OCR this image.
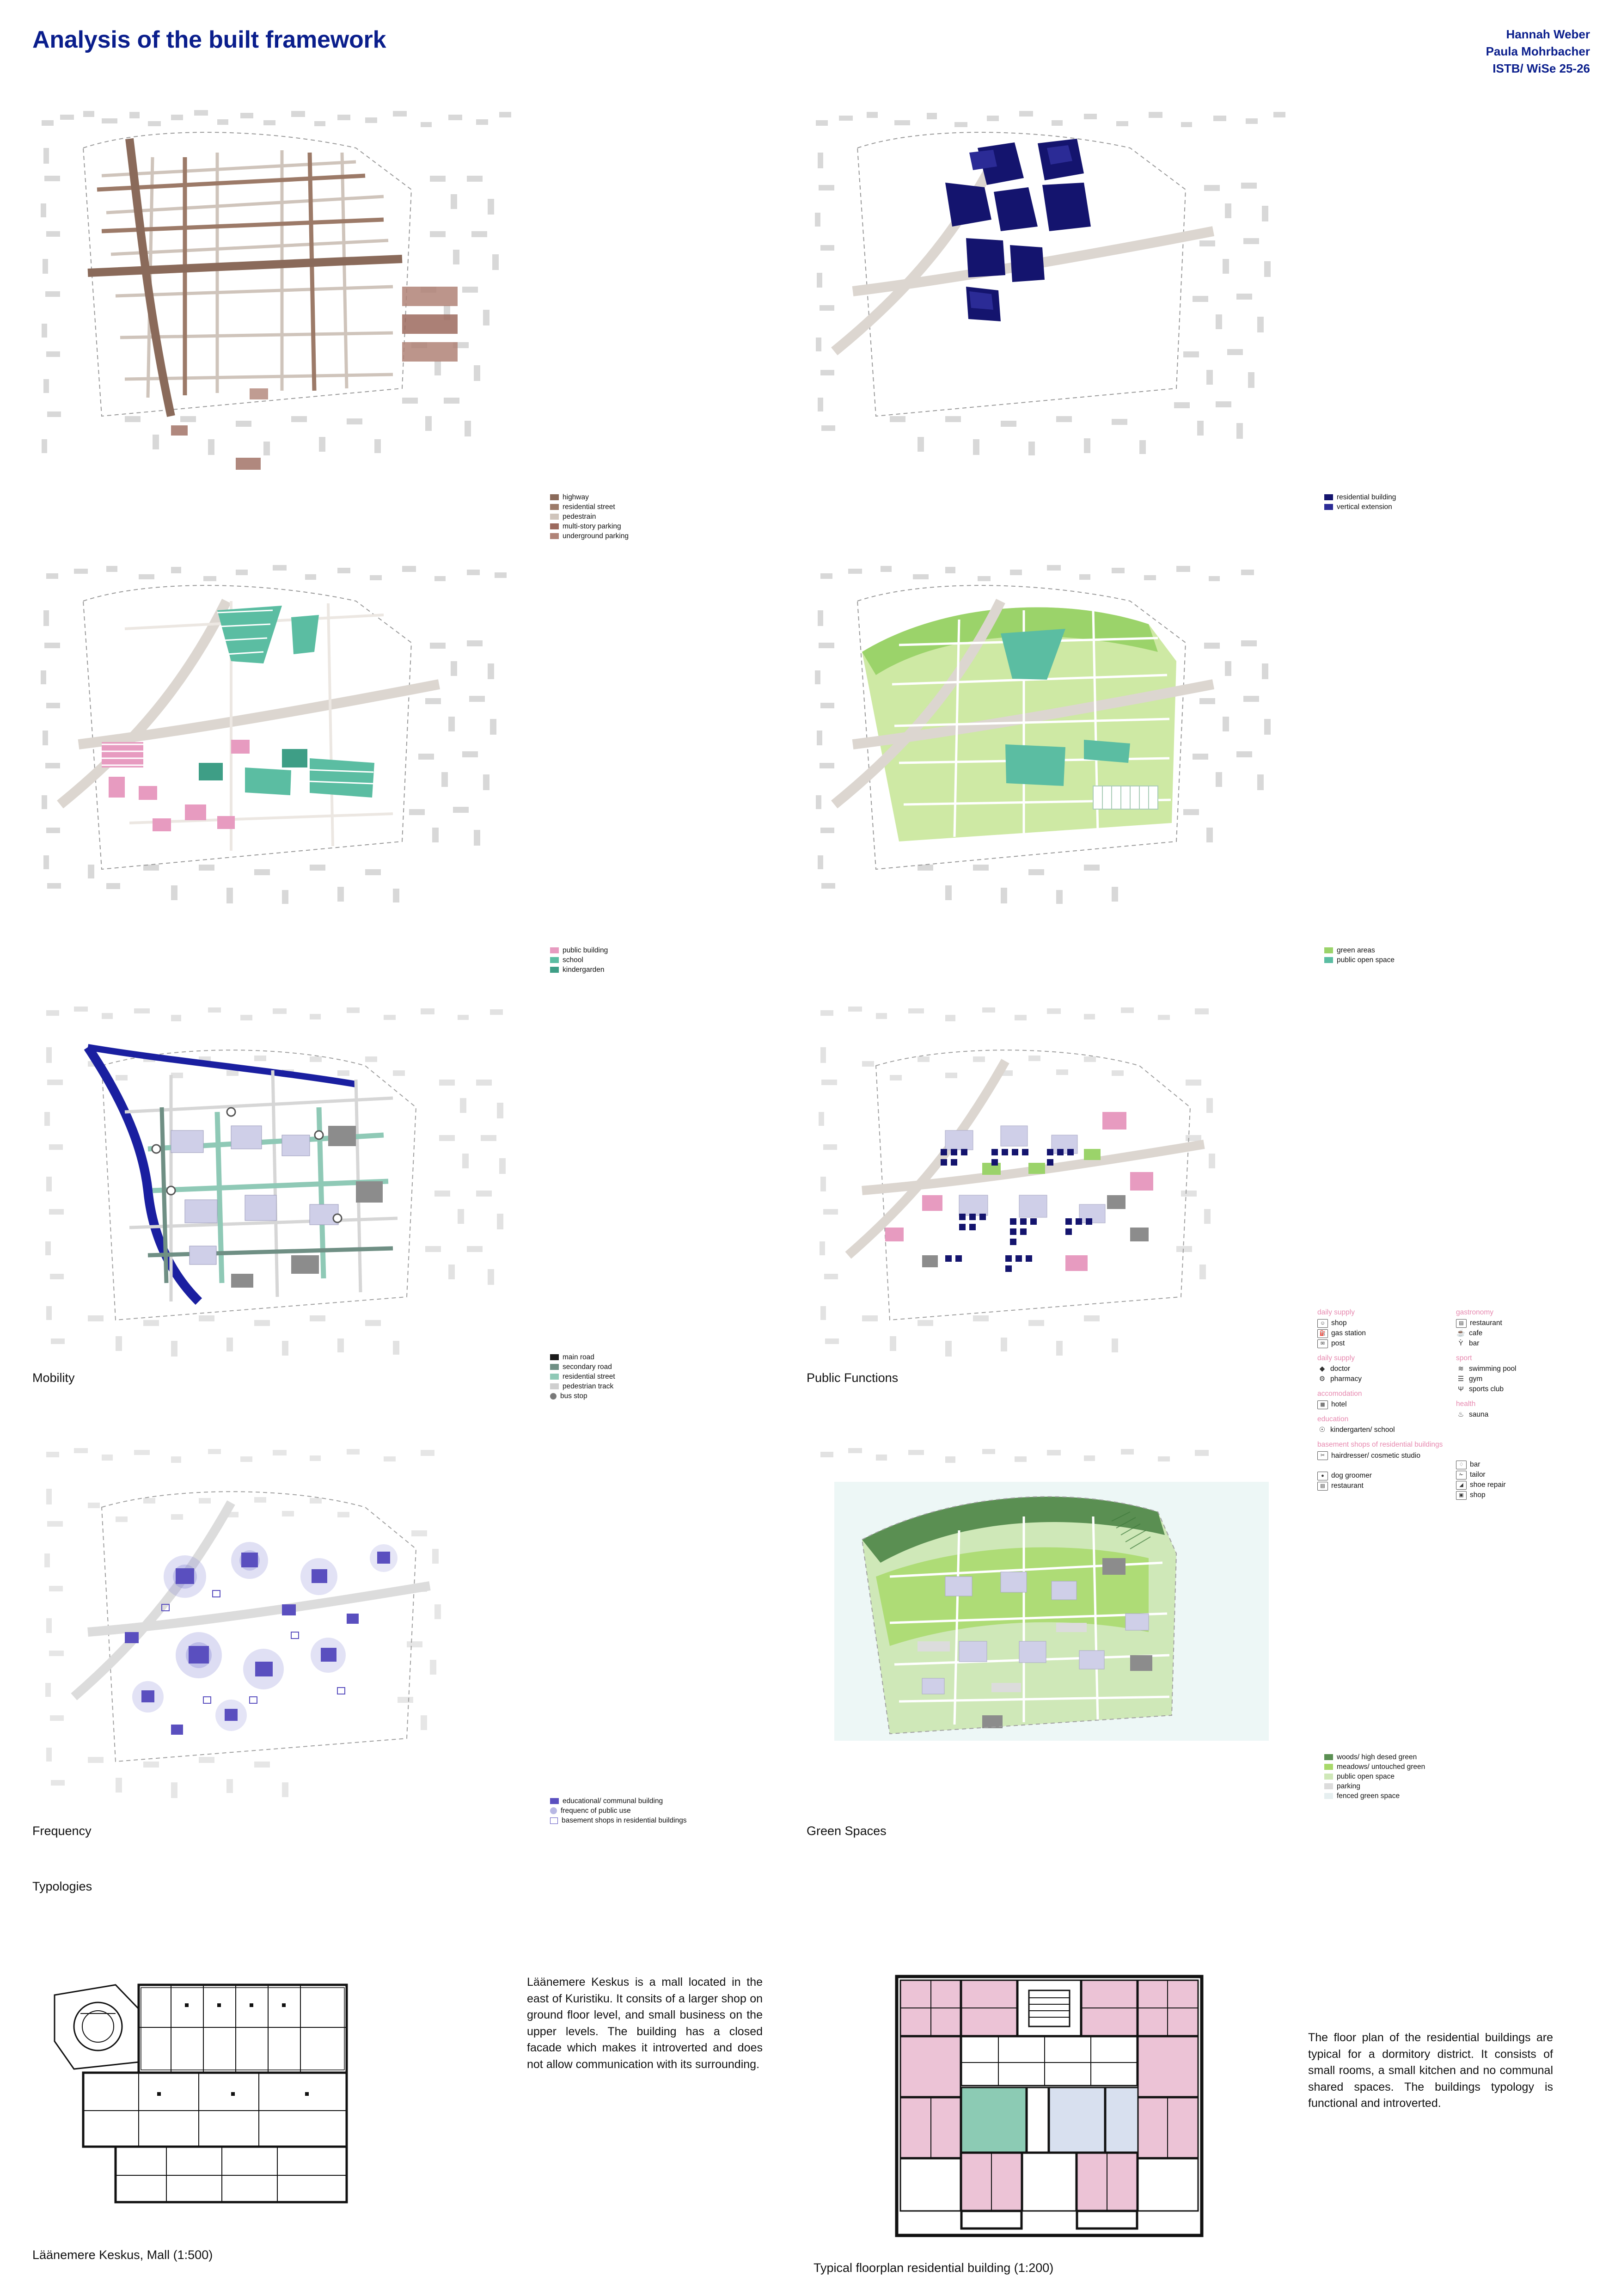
Analysis of the built framework	Hannah Weber
Paula Mohrbacher
ISTB/ WiSe 25-26
highway
residential street
pedestrain
multi-story parking
underground parking
residential building
vertical extension
public building
school
kindergarden
green areas
public open space
main road
secondary road
residential street
pedestrian track
bus stop
Mobility
daily supply
☺ shop
⛽ gas station
✉ post
daily supply
◆ doctor
⚙ pharmacy
accomodation
▦ hotel
education
☉ kindergarten/ school
basement shops of residential buildings
✂ hairdresser/ cosmetic studio
● dog groomer
▤ restaurant
gastronomy
▤ restaurant
☕ cafe
Ỳ bar
sport
≋ swimming pool
☰ gym
Ψ sports club
health
♨ sauna
♢ bar
✁ tailor
◢ shoe repair
▣ shop
Public Functions
educational/ communal building
frequenc of public use
basement shops in residential buildings
Frequency
woods/ high desed green
meadows/ untouched green
public open space
parking
fenced green space
Green Spaces
Typologies
Läänemere Keskus, Mall (1:500)
Läänemere Keskus is a mall located in the east of Kuristiku. It consits of a larger shop on ground floor level, and small business on the upper levels. The building has a closed facade which makes it introverted and does not allow communication with its surrounding.
Typical floorplan residential building (1:200)
The floor plan of the residential buildings are typical for a dormitory district. It consists of small rooms, a small kitchen and no communal shared spaces. The buildings typology is functional and introverted.
